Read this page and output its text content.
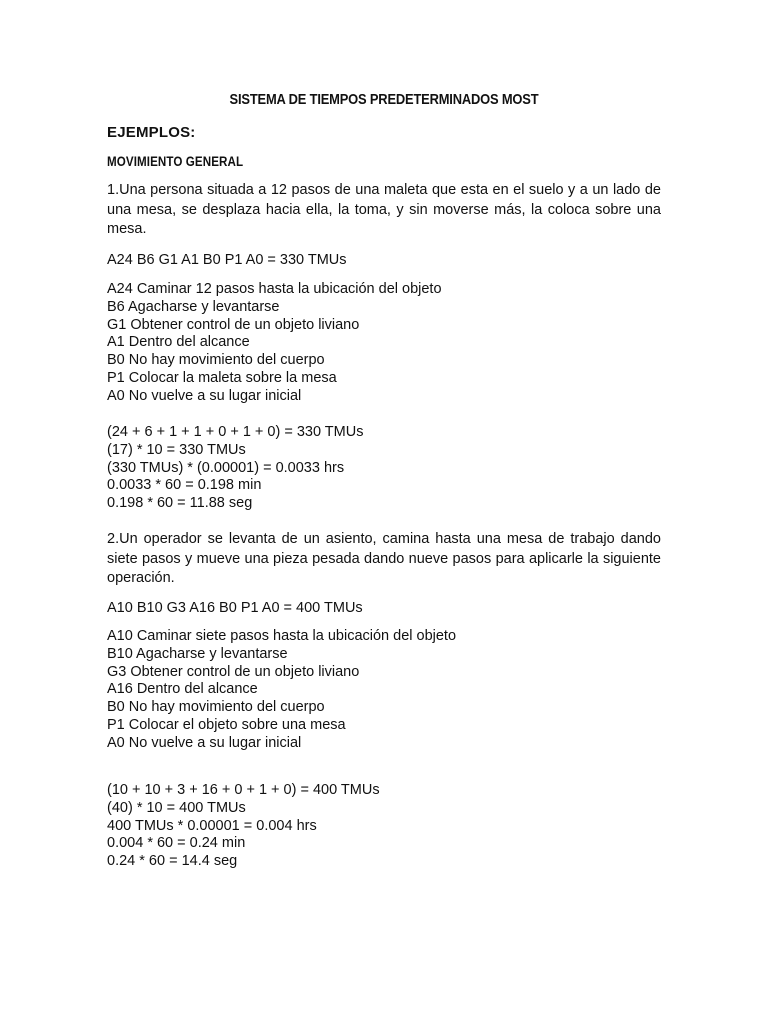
SISTEMA DE TIEMPOS PREDETERMINADOS MOST
EJEMPLOS:
MOVIMIENTO GENERAL
1.Una persona situada a 12 pasos de una maleta que esta en el suelo y a un lado de una mesa, se desplaza hacia ella, la toma, y sin moverse más, la coloca sobre una mesa.
A24 B6 G1 A1 B0 P1 A0 = 330 TMUs
A24 Caminar 12 pasos hasta la ubicación del objeto
B6 Agacharse y levantarse
G1 Obtener control de un objeto liviano
A1 Dentro del alcance
B0 No hay movimiento del cuerpo
P1 Colocar la maleta sobre la mesa
A0 No vuelve a su lugar inicial
(24 + 6 + 1 + 1 + 0 + 1 + 0) = 330 TMUs
(17) * 10 = 330 TMUs
(330 TMUs) * (0.00001) = 0.0033 hrs
0.0033 * 60 = 0.198 min
0.198 * 60 = 11.88 seg
2.Un operador se levanta de un asiento, camina hasta una mesa de trabajo dando siete pasos y mueve una pieza pesada dando nueve pasos para aplicarle la siguiente operación.
A10 B10 G3 A16 B0 P1 A0 = 400 TMUs
A10 Caminar siete pasos hasta la ubicación del objeto
B10 Agacharse y levantarse
G3 Obtener control de un objeto liviano
A16 Dentro del alcance
B0 No hay movimiento del cuerpo
P1 Colocar el objeto sobre una mesa
A0 No vuelve a su lugar inicial
(10 + 10 + 3 + 16 + 0 + 1 + 0) = 400 TMUs
(40) * 10 = 400 TMUs
400 TMUs * 0.00001 = 0.004 hrs
0.004 * 60 = 0.24 min
0.24 * 60 = 14.4 seg
